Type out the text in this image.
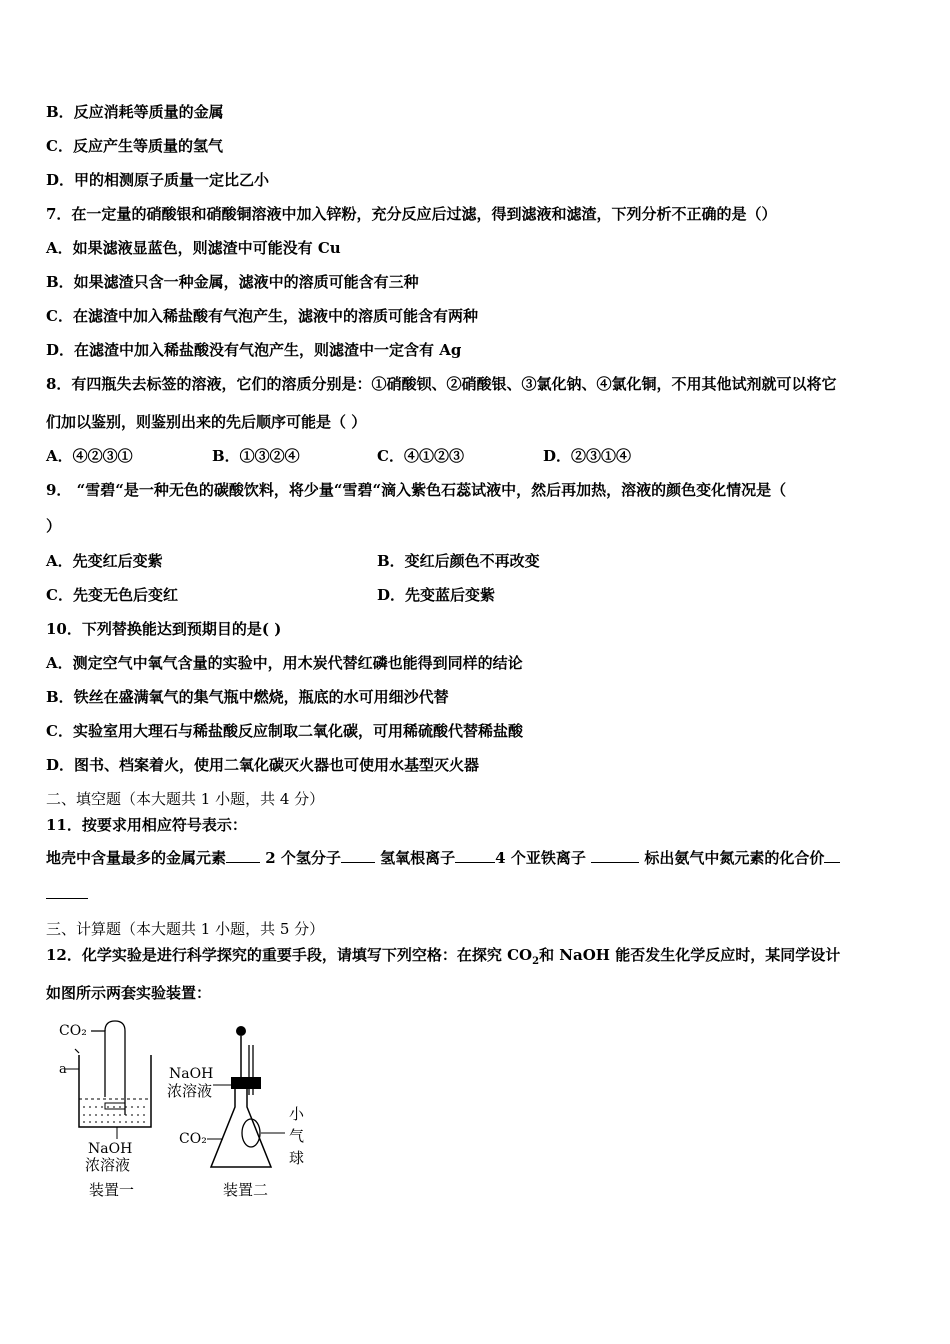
B．反应消耗等质量的金属
C．反应产生等质量的氢气
D．甲的相测原子质量一定比乙小
7．在一定量的硝酸银和硝酸铜溶液中加入锌粉，充分反应后过滤，得到滤液和滤渣，下列分析不正确的是（）
A．如果滤液显蓝色，则滤渣中可能没有 Cu
B．如果滤渣只含一种金属，滤液中的溶质可能含有三种
C．在滤渣中加入稀盐酸有气泡产生，滤液中的溶质可能含有两种
D．在滤渣中加入稀盐酸没有气泡产生，则滤渣中一定含有 Ag
8．有四瓶失去标签的溶液，它们的溶质分别是：①硝酸钡、②硝酸银、③氯化钠、④氯化铜，不用其他试剂就可以将它
们加以鉴别，则鉴别出来的先后顺序可能是（ ）
A．④②③①	B．①③②④	C．④①②③	D．②③①④
9． “雪碧“是一种无色的碳酸饮料，将少量“雪碧“滴入紫色石蕊试液中，然后再加热，溶液的颜色变化情况是（
）
A．先变红后变紫	B．变红后颜色不再改变
C．先变无色后变红	D．先变蓝后变紫
10．下列替换能达到预期目的是( )
A．测定空气中氧气含量的实验中，用木炭代替红磷也能得到同样的结论
B．铁丝在盛满氧气的集气瓶中燃烧，瓶底的水可用细沙代替
C．实验室用大理石与稀盐酸反应制取二氧化碳，可用稀硫酸代替稀盐酸
D．图书、档案着火，使用二氧化碳灭火器也可使用水基型灭火器
二、填空题（本大题共 1 小题，共 4 分）
11．按要求用相应符号表示：
地壳中含量最多的金属元素	2 个氢分子	氢氧根离子	4 个亚铁离子	标出氨气中氮元素的化合价
三、计算题（本大题共 1 小题，共 5 分）
12．化学实验是进行科学探究的重要手段，请填写下列空格：在探究 $CO_2$和 NaOH 能否发生化学反应时，某同学设计
如图所示两套实验装置：
CO₂
a
NaOH
浓溶液
装置一
NaOH
浓溶液
CO₂
小
气
球
装置二
